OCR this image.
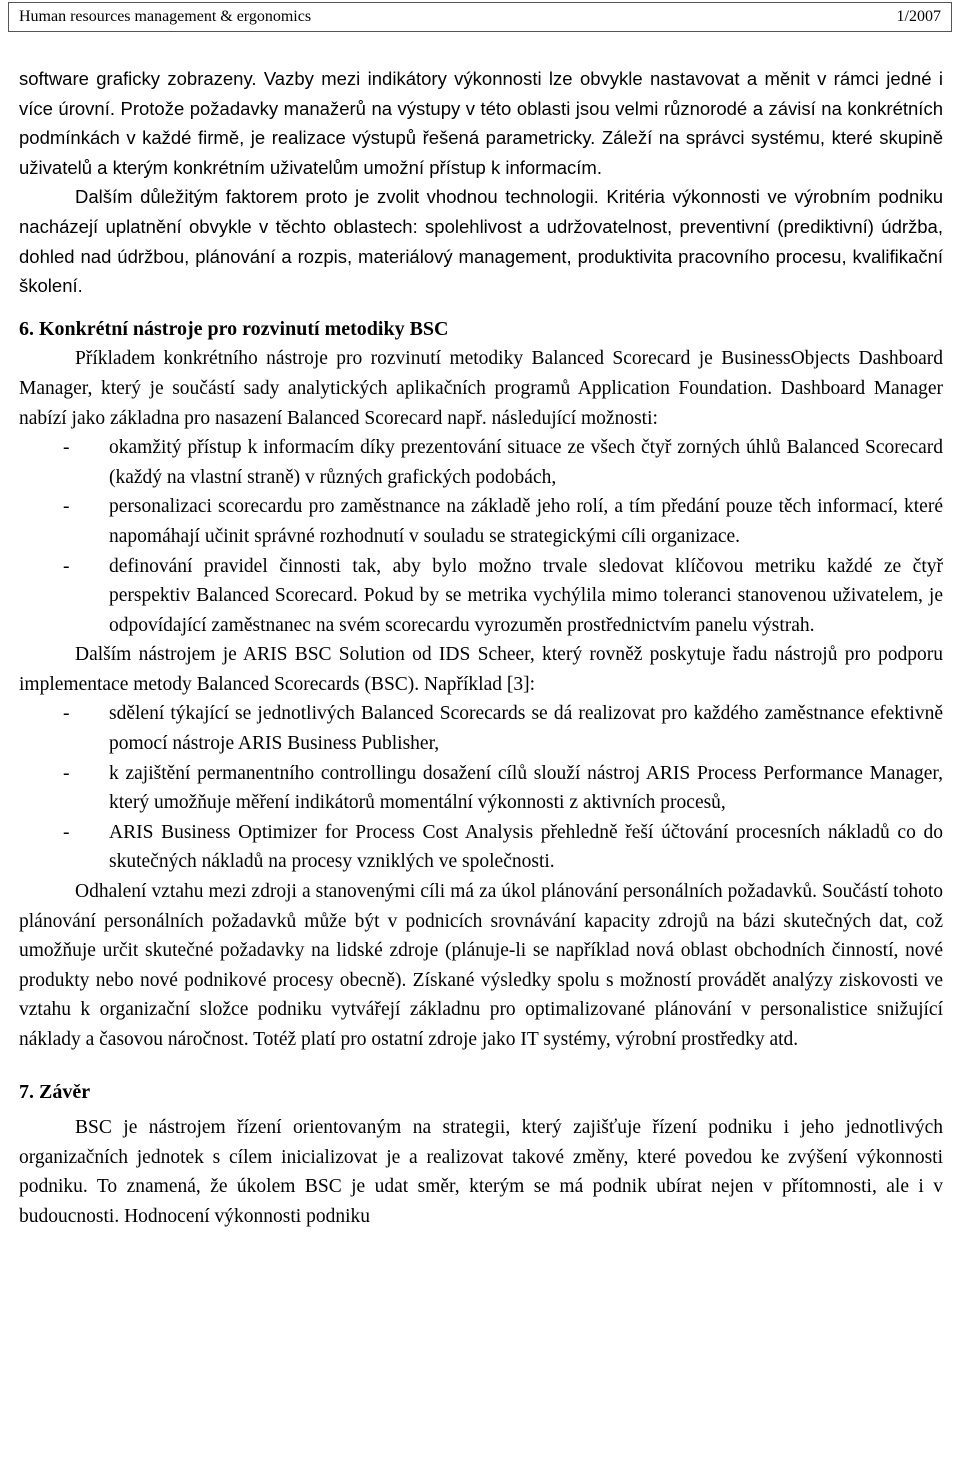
Human resources management & ergonomics	1/2007

software graficky zobrazeny. Vazby mezi indikátory výkonnosti lze obvykle nastavovat a měnit v rámci jedné i více úrovní. Protože požadavky manažerů na výstupy v této oblasti jsou velmi různorodé a závisí na konkrétních podmínkách v každé firmě, je realizace výstupů řešená parametricky. Záleží na správci systému, které skupině uživatelů a kterým konkrétním uživatelům umožní přístup k informacím.

Dalším důležitým faktorem proto je zvolit vhodnou technologii. Kritéria výkonnosti ve výrobním podniku nacházejí uplatnění obvykle v těchto oblastech: spolehlivost a udržovatelnost, preventivní (prediktivní) údržba, dohled nad údržbou, plánování a rozpis, materiálový management, produktivita pracovního procesu, kvalifikační školení.

6. Konkrétní nástroje pro rozvinutí metodiky BSC

Příkladem konkrétního nástroje pro rozvinutí metodiky Balanced Scorecard je BusinessObjects Dashboard Manager, který je součástí sady analytických aplikačních programů Application Foundation. Dashboard Manager nabízí jako základna pro nasazení Balanced Scorecard např. následující možnosti:

- okamžitý přístup k informacím díky prezentování situace ze všech čtyř zorných úhlů Balanced Scorecard (každý na vlastní straně) v různých grafických podobách,
- personalizaci scorecardu pro zaměstnance na základě jeho rolí, a tím předání pouze těch informací, které napomáhají učinit správné rozhodnutí v souladu se strategickými cíli organizace.
- definování pravidel činnosti tak, aby bylo možno trvale sledovat klíčovou metriku každé ze čtyř perspektiv Balanced Scorecard. Pokud by se metrika vychýlila mimo toleranci stanovenou uživatelem, je odpovídající zaměstnanec na svém scorecardu vyrozuměn prostřednictvím panelu výstrah.

Dalším nástrojem je ARIS BSC Solution od IDS Scheer, který rovněž poskytuje řadu nástrojů pro podporu implementace metody Balanced Scorecards (BSC). Například [3]:

- sdělení týkající se jednotlivých Balanced Scorecards se dá realizovat pro každého zaměstnance efektivně pomocí nástroje ARIS Business Publisher,
- k zajištění permanentního controllingu dosažení cílů slouží nástroj ARIS Process Performance Manager, který umožňuje měření indikátorů momentální výkonnosti z aktivních procesů,
- ARIS Business Optimizer for Process Cost Analysis přehledně řeší účtování procesních nákladů co do skutečných nákladů na procesy vzniklých ve společnosti.

Odhalení vztahu mezi zdroji a stanovenými cíli má za úkol plánování personálních požadavků. Součástí tohoto plánování personálních požadavků může být v podnicích srovnávání kapacity zdrojů na bázi skutečných dat, což umožňuje určit skutečné požadavky na lidské zdroje (plánuje-li se například nová oblast obchodních činností, nové produkty nebo nové podnikové procesy obecně). Získané výsledky spolu s možností provádět analýzy ziskovosti ve vztahu k organizační složce podniku vytvářejí základnu pro optimalizované plánování v personalistice snižující náklady a časovou náročnost. Totéž platí pro ostatní zdroje jako IT systémy, výrobní prostředky atd.

7. Závěr

BSC je nástrojem řízení orientovaným na strategii, který zajišťuje řízení podniku i jeho jednotlivých organizačních jednotek s cílem inicializovat je a realizovat takové změny, které povedou ke zvýšení výkonnosti podniku. To znamená, že úkolem BSC je udat směr, kterým se má podnik ubírat nejen v přítomnosti, ale i v budoucnosti. Hodnocení výkonnosti podniku
